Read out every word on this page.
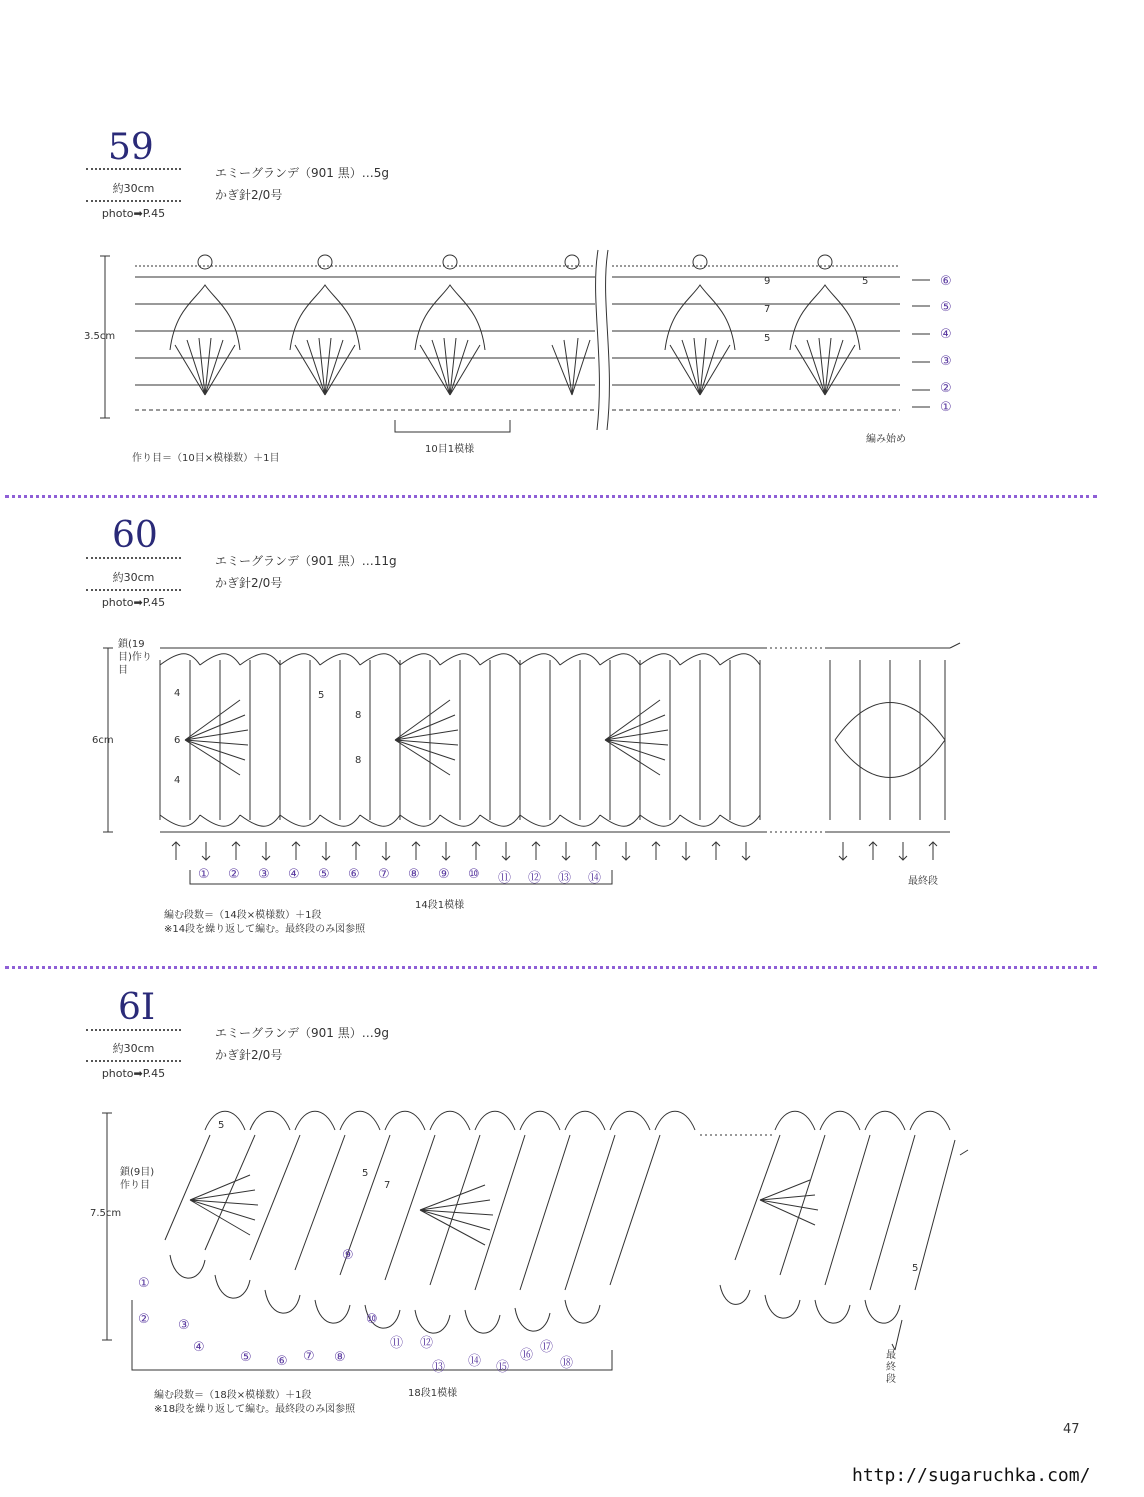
59
約30cm
photo➡P.45
エミーグランデ（901 黒）…5g
かぎ針2/0号
3.5cm
10目1模様
編み始め
作り目＝（10目×模様数）＋1目
9	5
7
5
⑥
⑤
④
③
②
①
60
約30cm
photo➡P.45
エミーグランデ（901 黒）…11g
かぎ針2/0号
鎖(19目)作り目
6cm
4
6
4
5
8
8
① ② ③ ④ ⑤ ⑥ ⑦ ⑧ ⑨ ⑩ ⑪ ⑫ ⑬ ⑭	最終段
14段1模様
編む段数＝（14段×模様数）＋1段
※14段を繰り返して編む。最終段のみ図参照
6I
約30cm
photo➡P.45
エミーグランデ（901 黒）…9g
かぎ針2/0号
鎖(9目)作り目
7.5cm
5
5
7
5
①
② ③
④
⑤ ⑥ ⑦ ⑧
⑨
⑩
⑪ ⑫
⑬ ⑭ ⑮
⑯
⑰
⑱
最終段
18段1模様
編む段数＝（18段×模様数）＋1段
※18段を繰り返して編む。最終段のみ図参照
47
http://sugaruchka.com/
